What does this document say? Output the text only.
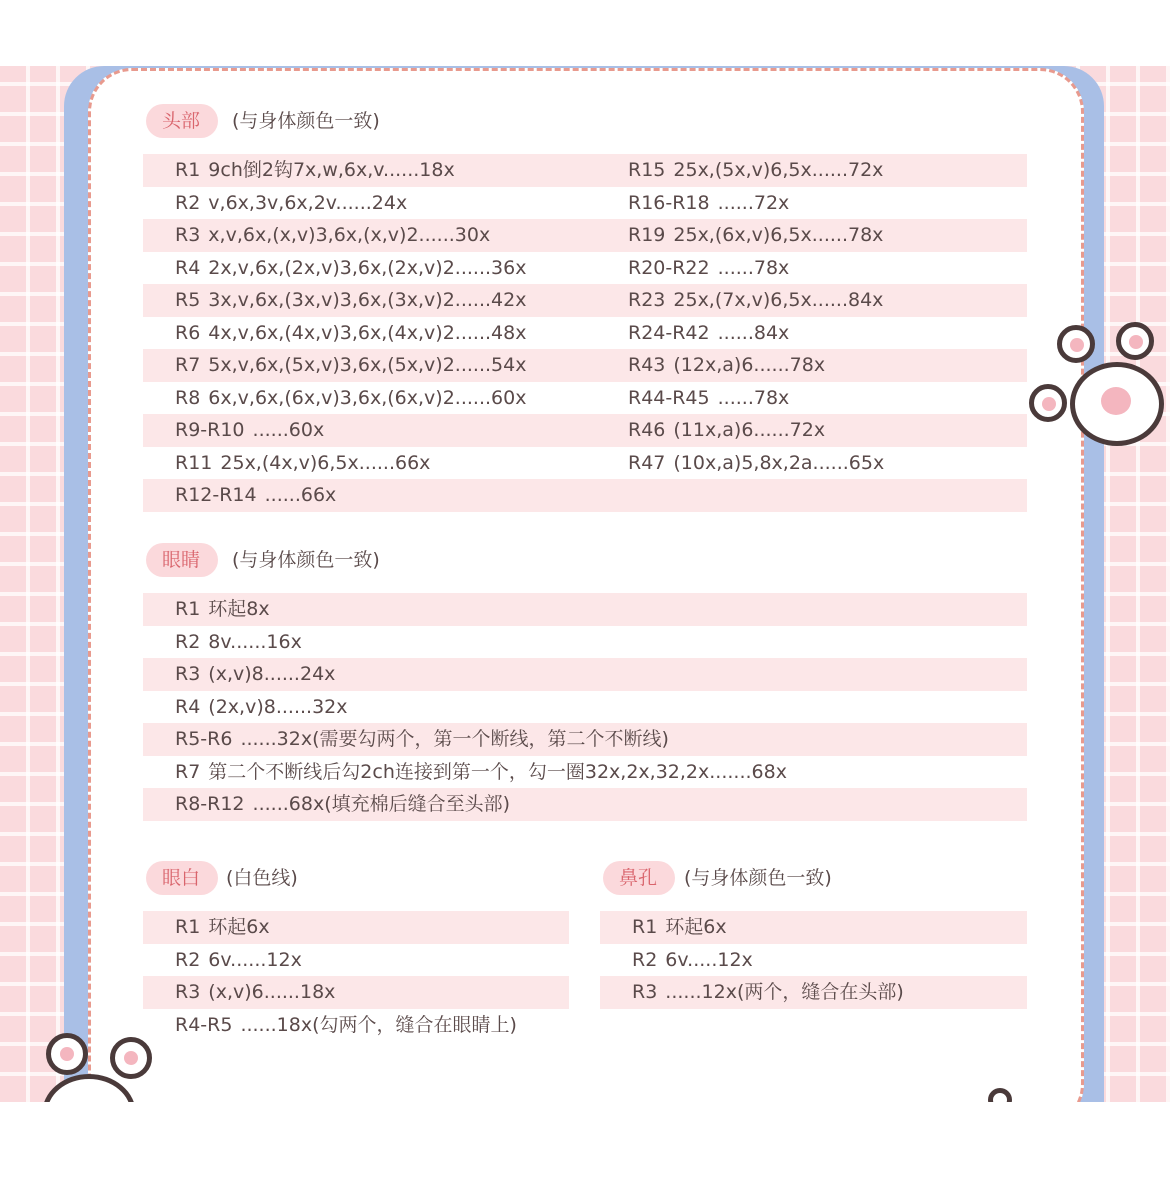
头部	(与身体颜色一致)
R1 9ch倒2钩7x,w,6x,v......18x	R15 25x,(5x,v)6,5x......72x
R2 v,6x,3v,6x,2v......24x	R16-R18 ......72x
R3 x,v,6x,(x,v)3,6x,(x,v)2......30x	R19 25x,(6x,v)6,5x......78x
R4 2x,v,6x,(2x,v)3,6x,(2x,v)2......36x	R20-R22 ......78x
R5 3x,v,6x,(3x,v)3,6x,(3x,v)2......42x	R23 25x,(7x,v)6,5x......84x
R6 4x,v,6x,(4x,v)3,6x,(4x,v)2......48x	R24-R42 ......84x
R7 5x,v,6x,(5x,v)3,6x,(5x,v)2......54x	R43 (12x,a)6......78x
R8 6x,v,6x,(6x,v)3,6x,(6x,v)2......60x	R44-R45 ......78x
R9-R10 ......60x	R46 (11x,a)6......72x
R11 25x,(4x,v)6,5x......66x	R47 (10x,a)5,8x,2a......65x
R12-R14 ......66x
眼睛	(与身体颜色一致)
R1 环起8x
R2 8v......16x
R3 (x,v)8......24x
R4 (2x,v)8......32x
R5-R6 ......32x(需要勾两个，第一个断线，第二个不断线)
R7 第二个不断线后勾2ch连接到第一个，勾一圈32x,2x,32,2x.......68x
R8-R12 ......68x(填充棉后缝合至头部)
眼白	(白色线)
R1 环起6x
R2 6v......12x
R3 (x,v)6......18x
R4-R5 ......18x(勾两个，缝合在眼睛上)
鼻孔	(与身体颜色一致)
R1 环起6x
R2 6v.....12x
R3 ......12x(两个，缝合在头部)
